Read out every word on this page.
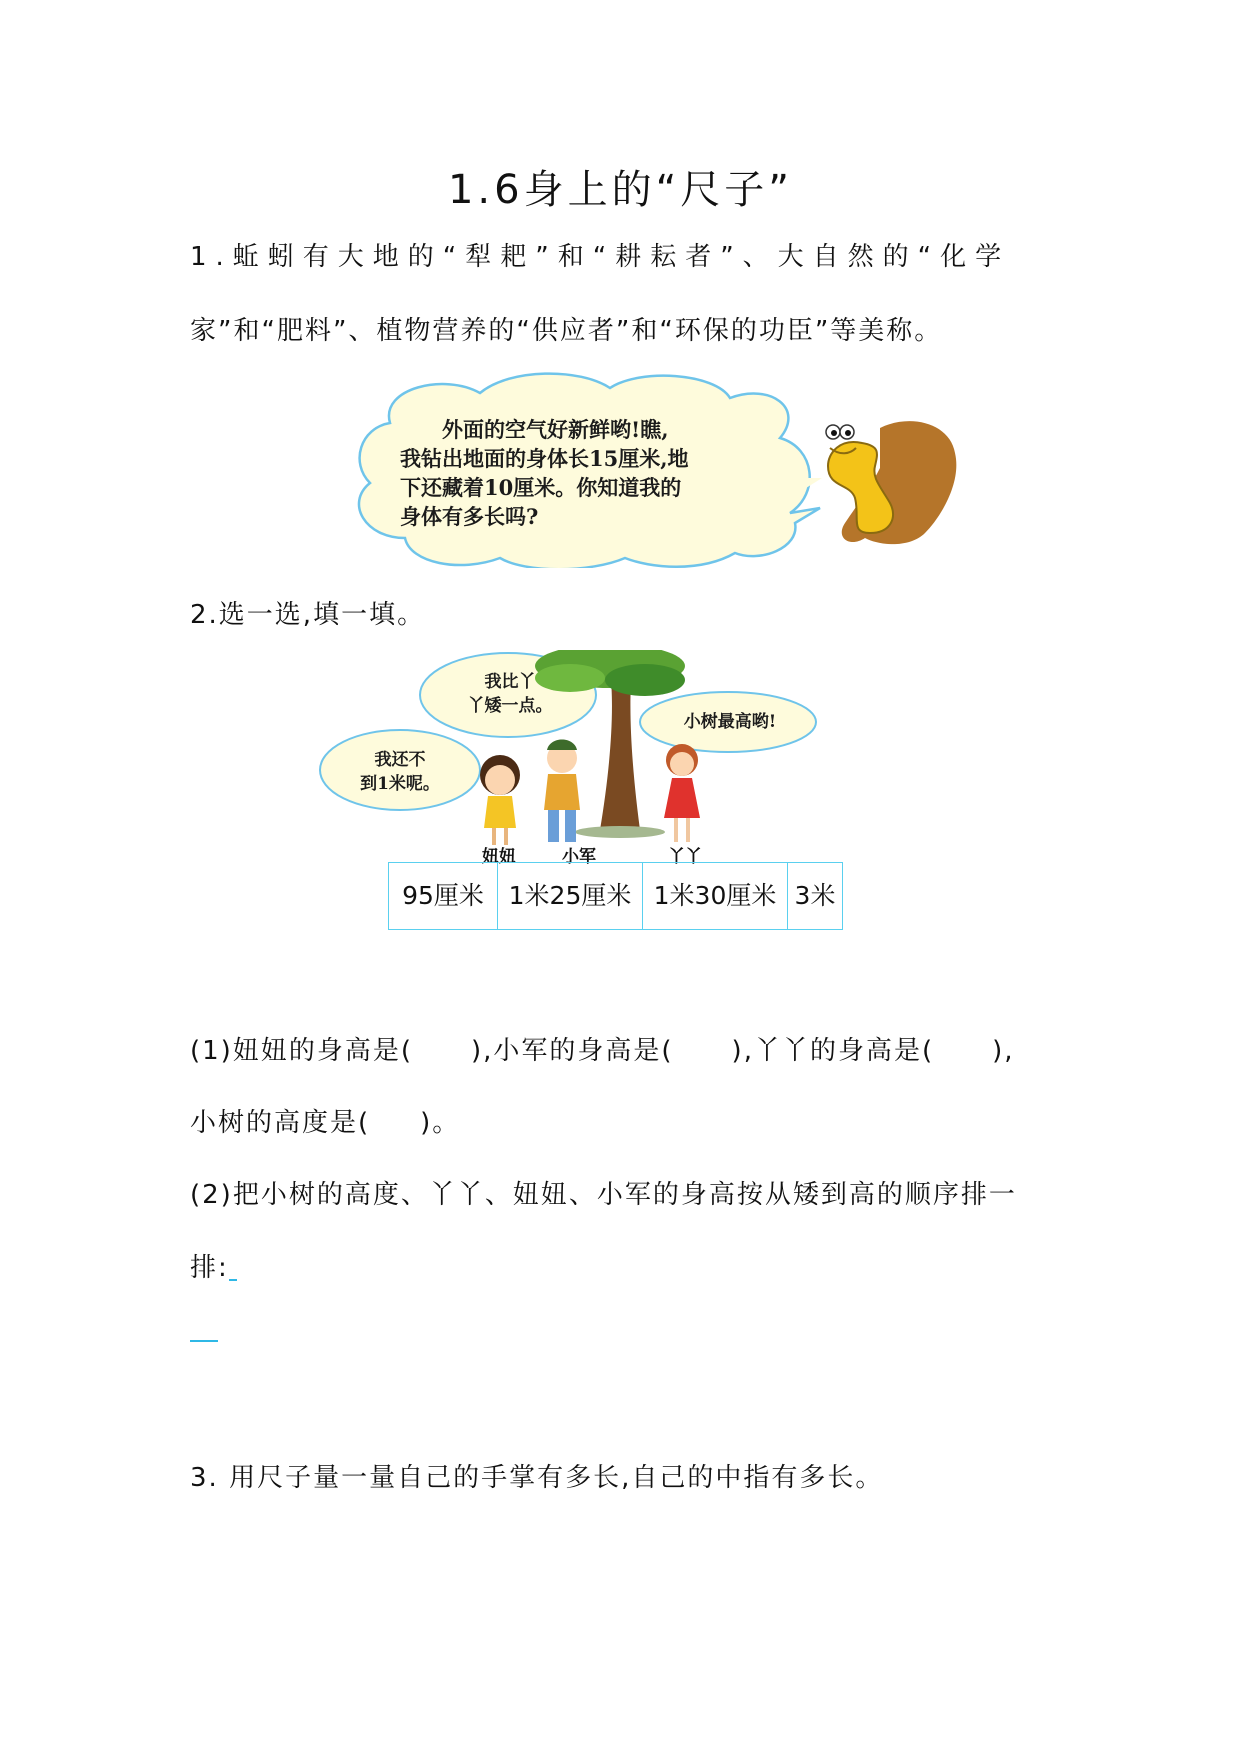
1.6身上的“尺子”
1.蚯蚓有大地的“犁耙”和“耕耘者”、大自然的“化学
家”和“肥料”、植物营养的“供应者”和“环保的功臣”等美称。
外面的空气好新鲜哟!瞧,
我钻出地面的身体长15厘米,地
下还藏着10厘米。你知道我的
身体有多长吗?
2.选一选,填一填。
我还不
到1米呢。
我比丫
丫矮一点。
小树最高哟!
妞妞	小军	丫丫
95厘米	1米25厘米	1米30厘米	3米
(1)妞妞的身高是( ),小军的身高是( ),丫丫的身高是( ),
小树的高度是( )。
(2)把小树的高度、丫丫、妞妞、小军的身高按从矮到高的顺序排一
排:
3. 用尺子量一量自己的手掌有多长,自己的中指有多长。
